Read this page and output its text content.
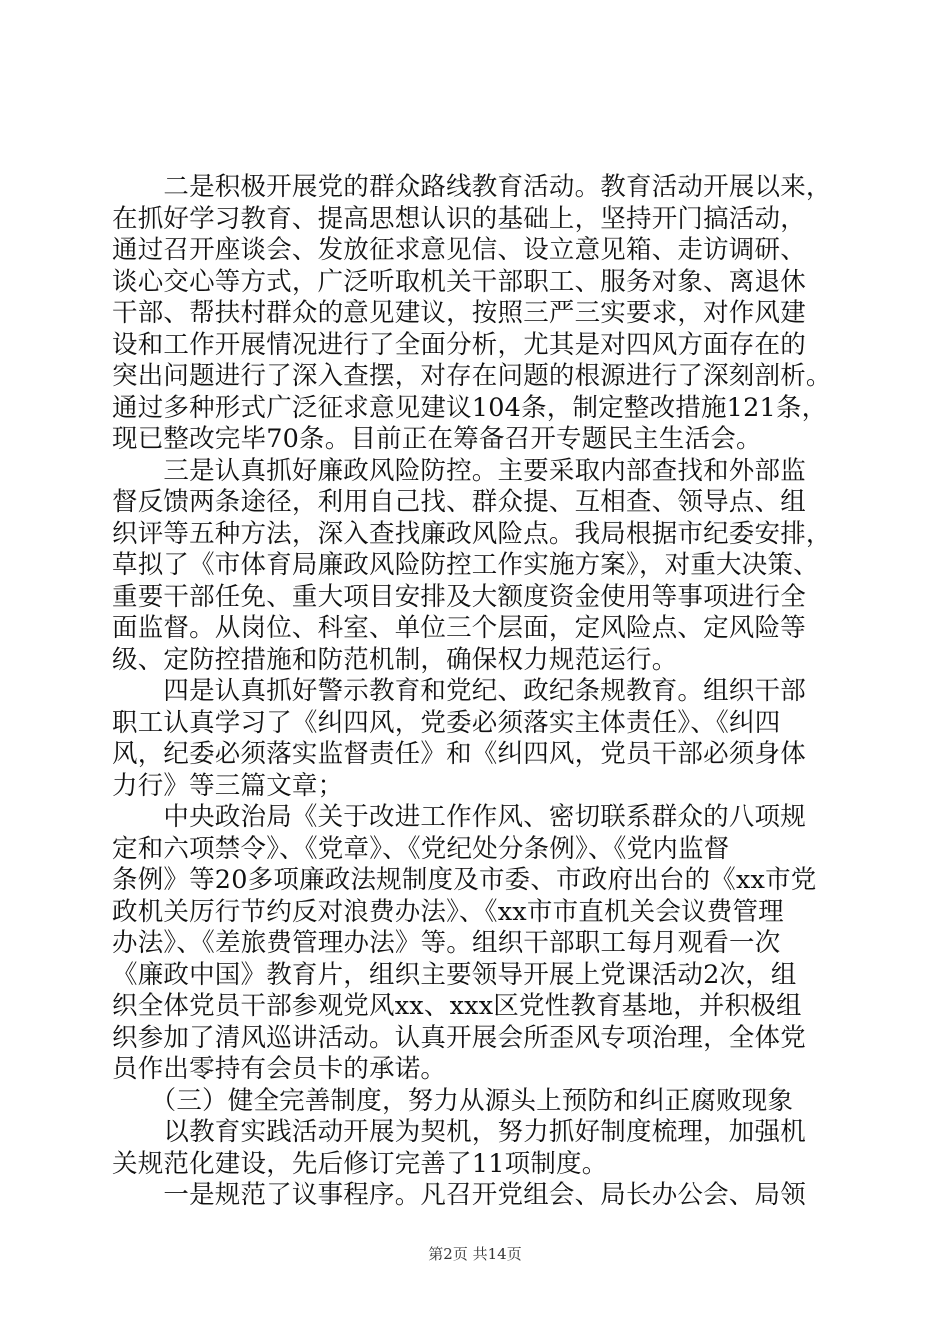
　　二是积极开展党的群众路线教育活动。教育活动开展以来，
在抓好学习教育、提高思想认识的基础上，坚持开门搞活动，
通过召开座谈会、发放征求意见信、设立意见箱、走访调研、
谈心交心等方式，广泛听取机关干部职工、服务对象、离退休
干部、帮扶村群众的意见建议，按照三严三实要求，对作风建
设和工作开展情况进行了全面分析，尤其是对四风方面存在的
突出问题进行了深入查摆，对存在问题的根源进行了深刻剖析。
通过多种形式广泛征求意见建议104条，制定整改措施121条，
现已整改完毕70条。目前正在筹备召开专题民主生活会。
　　三是认真抓好廉政风险防控。主要采取内部查找和外部监
督反馈两条途径，利用自己找、群众提、互相查、领导点、组
织评等五种方法，深入查找廉政风险点。我局根据市纪委安排，
草拟了《市体育局廉政风险防控工作实施方案》，对重大决策、
重要干部任免、重大项目安排及大额度资金使用等事项进行全
面监督。从岗位、科室、单位三个层面，定风险点、定风险等
级、定防控措施和防范机制，确保权力规范运行。
　　四是认真抓好警示教育和党纪、政纪条规教育。组织干部
职工认真学习了《纠四风，党委必须落实主体责任》、《纠四
风，纪委必须落实监督责任》和《纠四风，党员干部必须身体
力行》等三篇文章；
　　中央政治局《关于改进工作作风、密切联系群众的八项规
定和六项禁令》、《党章》、《党纪处分条例》、《党内监督
条例》等20多项廉政法规制度及市委、市政府出台的《xx市党
政机关厉行节约反对浪费办法》、《xx市市直机关会议费管理
办法》、《差旅费管理办法》等。组织干部职工每月观看一次
《廉政中国》教育片，组织主要领导开展上党课活动2次，组
织全体党员干部参观党风xx、xxx区党性教育基地，并积极组
织参加了清风巡讲活动。认真开展会所歪风专项治理，全体党
员作出零持有会员卡的承诺。
　　（三）健全完善制度，努力从源头上预防和纠正腐败现象
　　以教育实践活动开展为契机，努力抓好制度梳理，加强机
关规范化建设，先后修订完善了11项制度。
　　一是规范了议事程序。凡召开党组会、局长办公会、局领
第2页 共14页
